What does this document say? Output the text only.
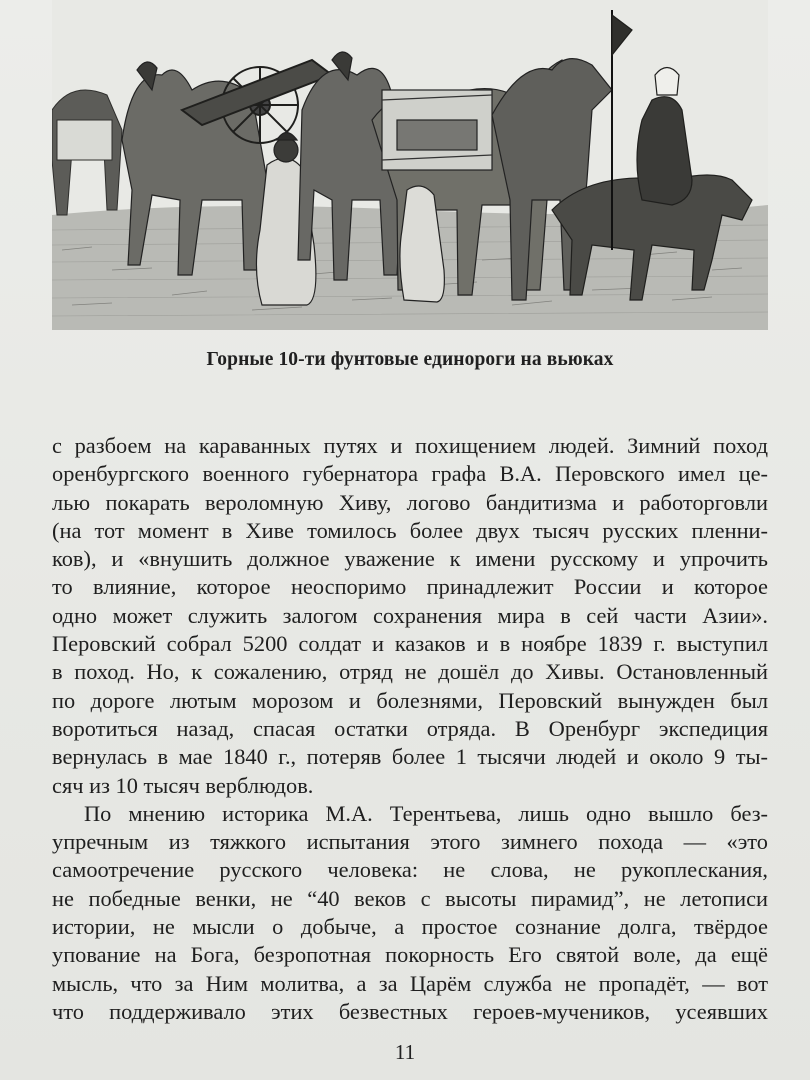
Горные 10-ти фунтовые единороги на вьюках
с разбоем на караванных путях и похищением людей. Зимний поход
оренбургского военного губернатора графа В.А. Перовского имел це-
лью покарать вероломную Хиву, логово бандитизма и работорговли
(на тот момент в Хиве томилось более двух тысяч русских пленни-
ков), и «внушить должное уважение к имени русскому и упрочить
то влияние, которое неоспоримо принадлежит России и которое
одно может служить залогом сохранения мира в сей части Азии».
Перовский собрал 5200 солдат и казаков и в ноябре 1839 г. выступил
в поход. Но, к сожалению, отряд не дошёл до Хивы. Остановленный
по дороге лютым морозом и болезнями, Перовский вынужден был
воротиться назад, спасая остатки отряда. В Оренбург экспедиция
вернулась в мае 1840 г., потеряв более 1 тысячи людей и около 9 ты-
сяч из 10 тысяч верблюдов.
По мнению историка М.А. Терентьева, лишь одно вышло без-
упречным из тяжкого испытания этого зимнего похода — «это
самоотречение русского человека: не слова, не рукоплескания,
не победные венки, не “40 веков с высоты пирамид”, не летописи
истории, не мысли о добыче, а простое сознание долга, твёрдое
упование на Бога, безропотная покорность Его святой воле, да ещё
мысль, что за Ним молитва, а за Царём служба не пропадёт, — вот
что поддерживало этих безвестных героев-мучеников, усеявших
11
